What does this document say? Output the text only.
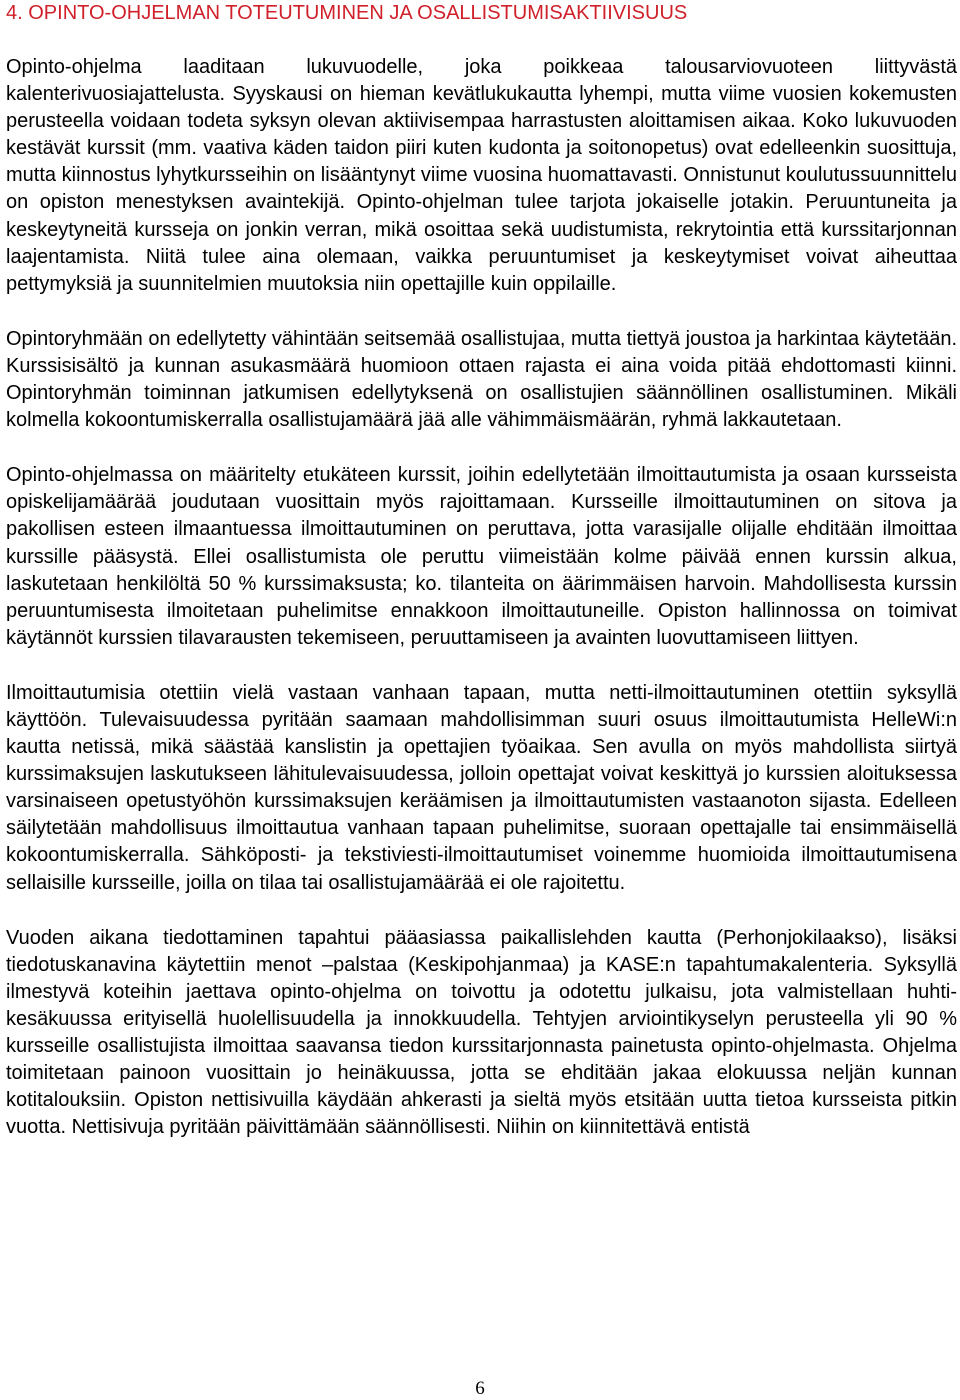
4. OPINTO-OHJELMAN TOTEUTUMINEN JA OSALLISTUMISAKTIIVISUUS

Opinto-ohjelma laaditaan lukuvuodelle, joka poikkeaa talousarviovuoteen liittyvästä kalenterivuosiajattelusta. Syyskausi on hieman kevätlukukautta lyhempi, mutta viime vuosien kokemusten perusteella voidaan todeta syksyn olevan aktiivisempaa harrastusten aloittamisen aikaa. Koko lukuvuoden kestävät kurssit (mm. vaativa käden taidon piiri kuten kudonta ja soitonopetus) ovat edelleenkin suosittuja, mutta kiinnostus lyhytkursseihin on lisääntynyt viime vuosina huomattavasti. Onnistunut koulutussuunnittelu on opiston menestyksen avaintekijä. Opinto-ohjelman tulee tarjota jokaiselle jotakin. Peruuntuneita ja keskeytyneitä kursseja on jonkin verran, mikä osoittaa sekä uudistumista, rekrytointia että kurssitarjonnan laajentamista. Niitä tulee aina olemaan, vaikka peruuntumiset ja keskeytymiset voivat aiheuttaa pettymyksiä ja suunnitelmien muutoksia niin opettajille kuin oppilaille.

Opintoryhmään on edellytetty vähintään seitsemää osallistujaa, mutta tiettyä joustoa ja harkintaa käytetään. Kurssisisältö ja kunnan asukasmäärä huomioon ottaen rajasta ei aina voida pitää ehdottomasti kiinni. Opintoryhmän toiminnan jatkumisen edellytyksenä on osallistujien säännöllinen osallistuminen. Mikäli kolmella kokoontumiskerralla osallistujamäärä jää alle vähimmäismäärän, ryhmä lakkautetaan.

Opinto-ohjelmassa on määritelty etukäteen kurssit, joihin edellytetään ilmoittautumista ja osaan kursseista opiskelijamäärää joudutaan vuosittain myös rajoittamaan. Kursseille ilmoittautuminen on sitova ja pakollisen esteen ilmaantuessa ilmoittautuminen on peruttava, jotta varasijalle olijalle ehditään ilmoittaa kurssille pääsystä. Ellei osallistumista ole peruttu viimeistään kolme päivää ennen kurssin alkua, laskutetaan henkilöltä 50 % kurssimaksusta; ko. tilanteita on äärimmäisen harvoin. Mahdollisesta kurssin peruuntumisesta ilmoitetaan puhelimitse ennakkoon ilmoittautuneille. Opiston hallinnossa on toimivat käytännöt kurssien tilavarausten tekemiseen, peruuttamiseen ja avainten luovuttamiseen liittyen.

Ilmoittautumisia otettiin vielä vastaan vanhaan tapaan, mutta netti-ilmoittautuminen otettiin syksyllä käyttöön. Tulevaisuudessa pyritään saamaan mahdollisimman suuri osuus ilmoittautumista HelleWi:n kautta netissä, mikä säästää kanslistin ja opettajien työaikaa. Sen avulla on myös mahdollista siirtyä kurssimaksujen laskutukseen lähitulevaisuudessa, jolloin opettajat voivat keskittyä jo kurssien aloituksessa varsinaiseen opetustyöhön kurssimaksujen keräämisen ja ilmoittautumisten vastaanoton sijasta. Edelleen säilytetään mahdollisuus ilmoittautua vanhaan tapaan puhelimitse, suoraan opettajalle tai ensimmäisellä kokoontumiskerralla. Sähköposti- ja tekstiviesti-ilmoittautumiset voinemme huomioida ilmoittautumisena sellaisille kursseille, joilla on tilaa tai osallistujamäärää ei ole rajoitettu.

Vuoden aikana tiedottaminen tapahtui pääasiassa paikallislehden kautta (Perhonjokilaakso), lisäksi tiedotuskanavina käytettiin menot –palstaa (Keskipohjanmaa) ja KASE:n tapahtumakalenteria. Syksyllä ilmestyvä koteihin jaettava opinto-ohjelma on toivottu ja odotettu julkaisu, jota valmistellaan huhti-kesäkuussa erityisellä huolellisuudella ja innokkuudella. Tehtyjen arviointikyselyn perusteella yli 90 % kursseille osallistujista ilmoittaa saavansa tiedon kurssitarjonnasta painetusta opinto-ohjelmasta. Ohjelma toimitetaan painoon vuosittain jo heinäkuussa, jotta se ehditään jakaa elokuussa neljän kunnan kotitalouksiin. Opiston nettisivuilla käydään ahkerasti ja sieltä myös etsitään uutta tietoa kursseista pitkin vuotta. Nettisivuja pyritään päivittämään säännöllisesti. Niihin on kiinnitettävä entistä

6
